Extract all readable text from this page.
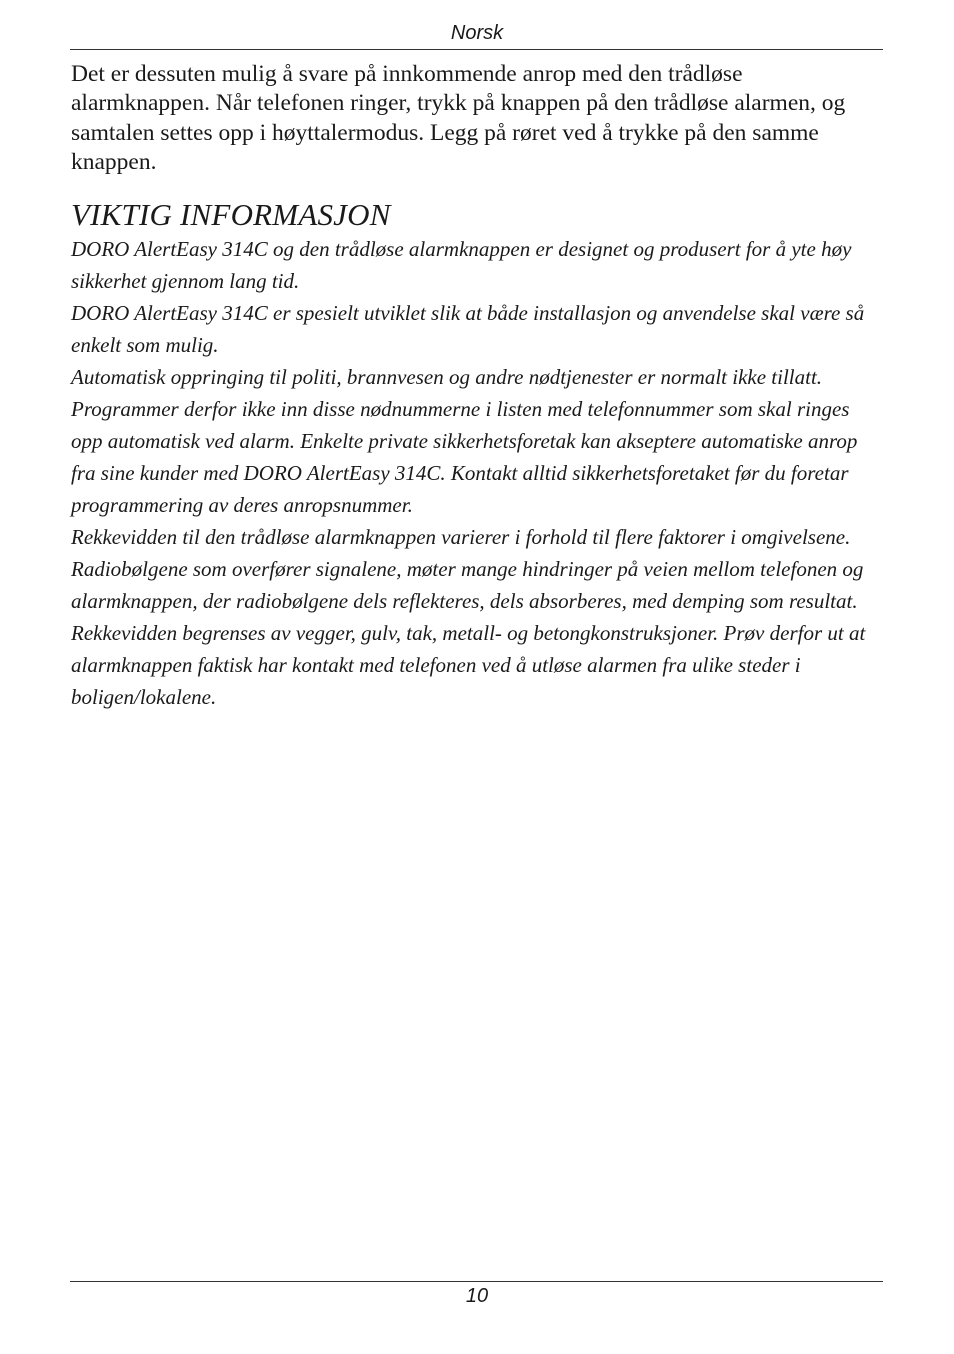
Norsk

Det er dessuten mulig å svare på innkommende anrop med den trådløse alarmknappen. Når telefonen ringer, trykk på knappen på den trådløse alarmen, og samtalen settes opp i høyttalermodus. Legg på røret ved å trykke på den samme knappen.

VIKTIG INFORMASJON

DORO AlertEasy 314C og den trådløse alarmknappen er designet og produsert for å yte høy sikkerhet gjennom lang tid.

DORO AlertEasy 314C er spesielt utviklet slik at både installasjon og anvendelse skal være så enkelt som mulig.

Automatisk oppringing til politi, brannvesen og andre nødtjenester er normalt ikke tillatt. Programmer derfor ikke inn disse nødnummerne i listen med telefonnummer som skal ringes opp automatisk ved alarm. Enkelte private sikkerhetsforetak kan akseptere automatiske anrop fra sine kunder med DORO AlertEasy 314C. Kontakt alltid sikkerhetsforetaket før du foretar programmering av deres anropsnummer.

Rekkevidden til den trådløse alarmknappen varierer i forhold til flere faktorer i omgivelsene. Radiobølgene som overfører signalene, møter mange hindringer på veien mellom telefonen og alarmknappen, der radiobølgene dels reflekteres, dels absorberes, med demping som resultat. Rekkevidden begrenses av vegger, gulv, tak, metall- og betongkonstruksjoner. Prøv derfor ut at alarmknappen faktisk har kontakt med telefonen ved å utløse alarmen fra ulike steder i boligen/lokalene.

10
